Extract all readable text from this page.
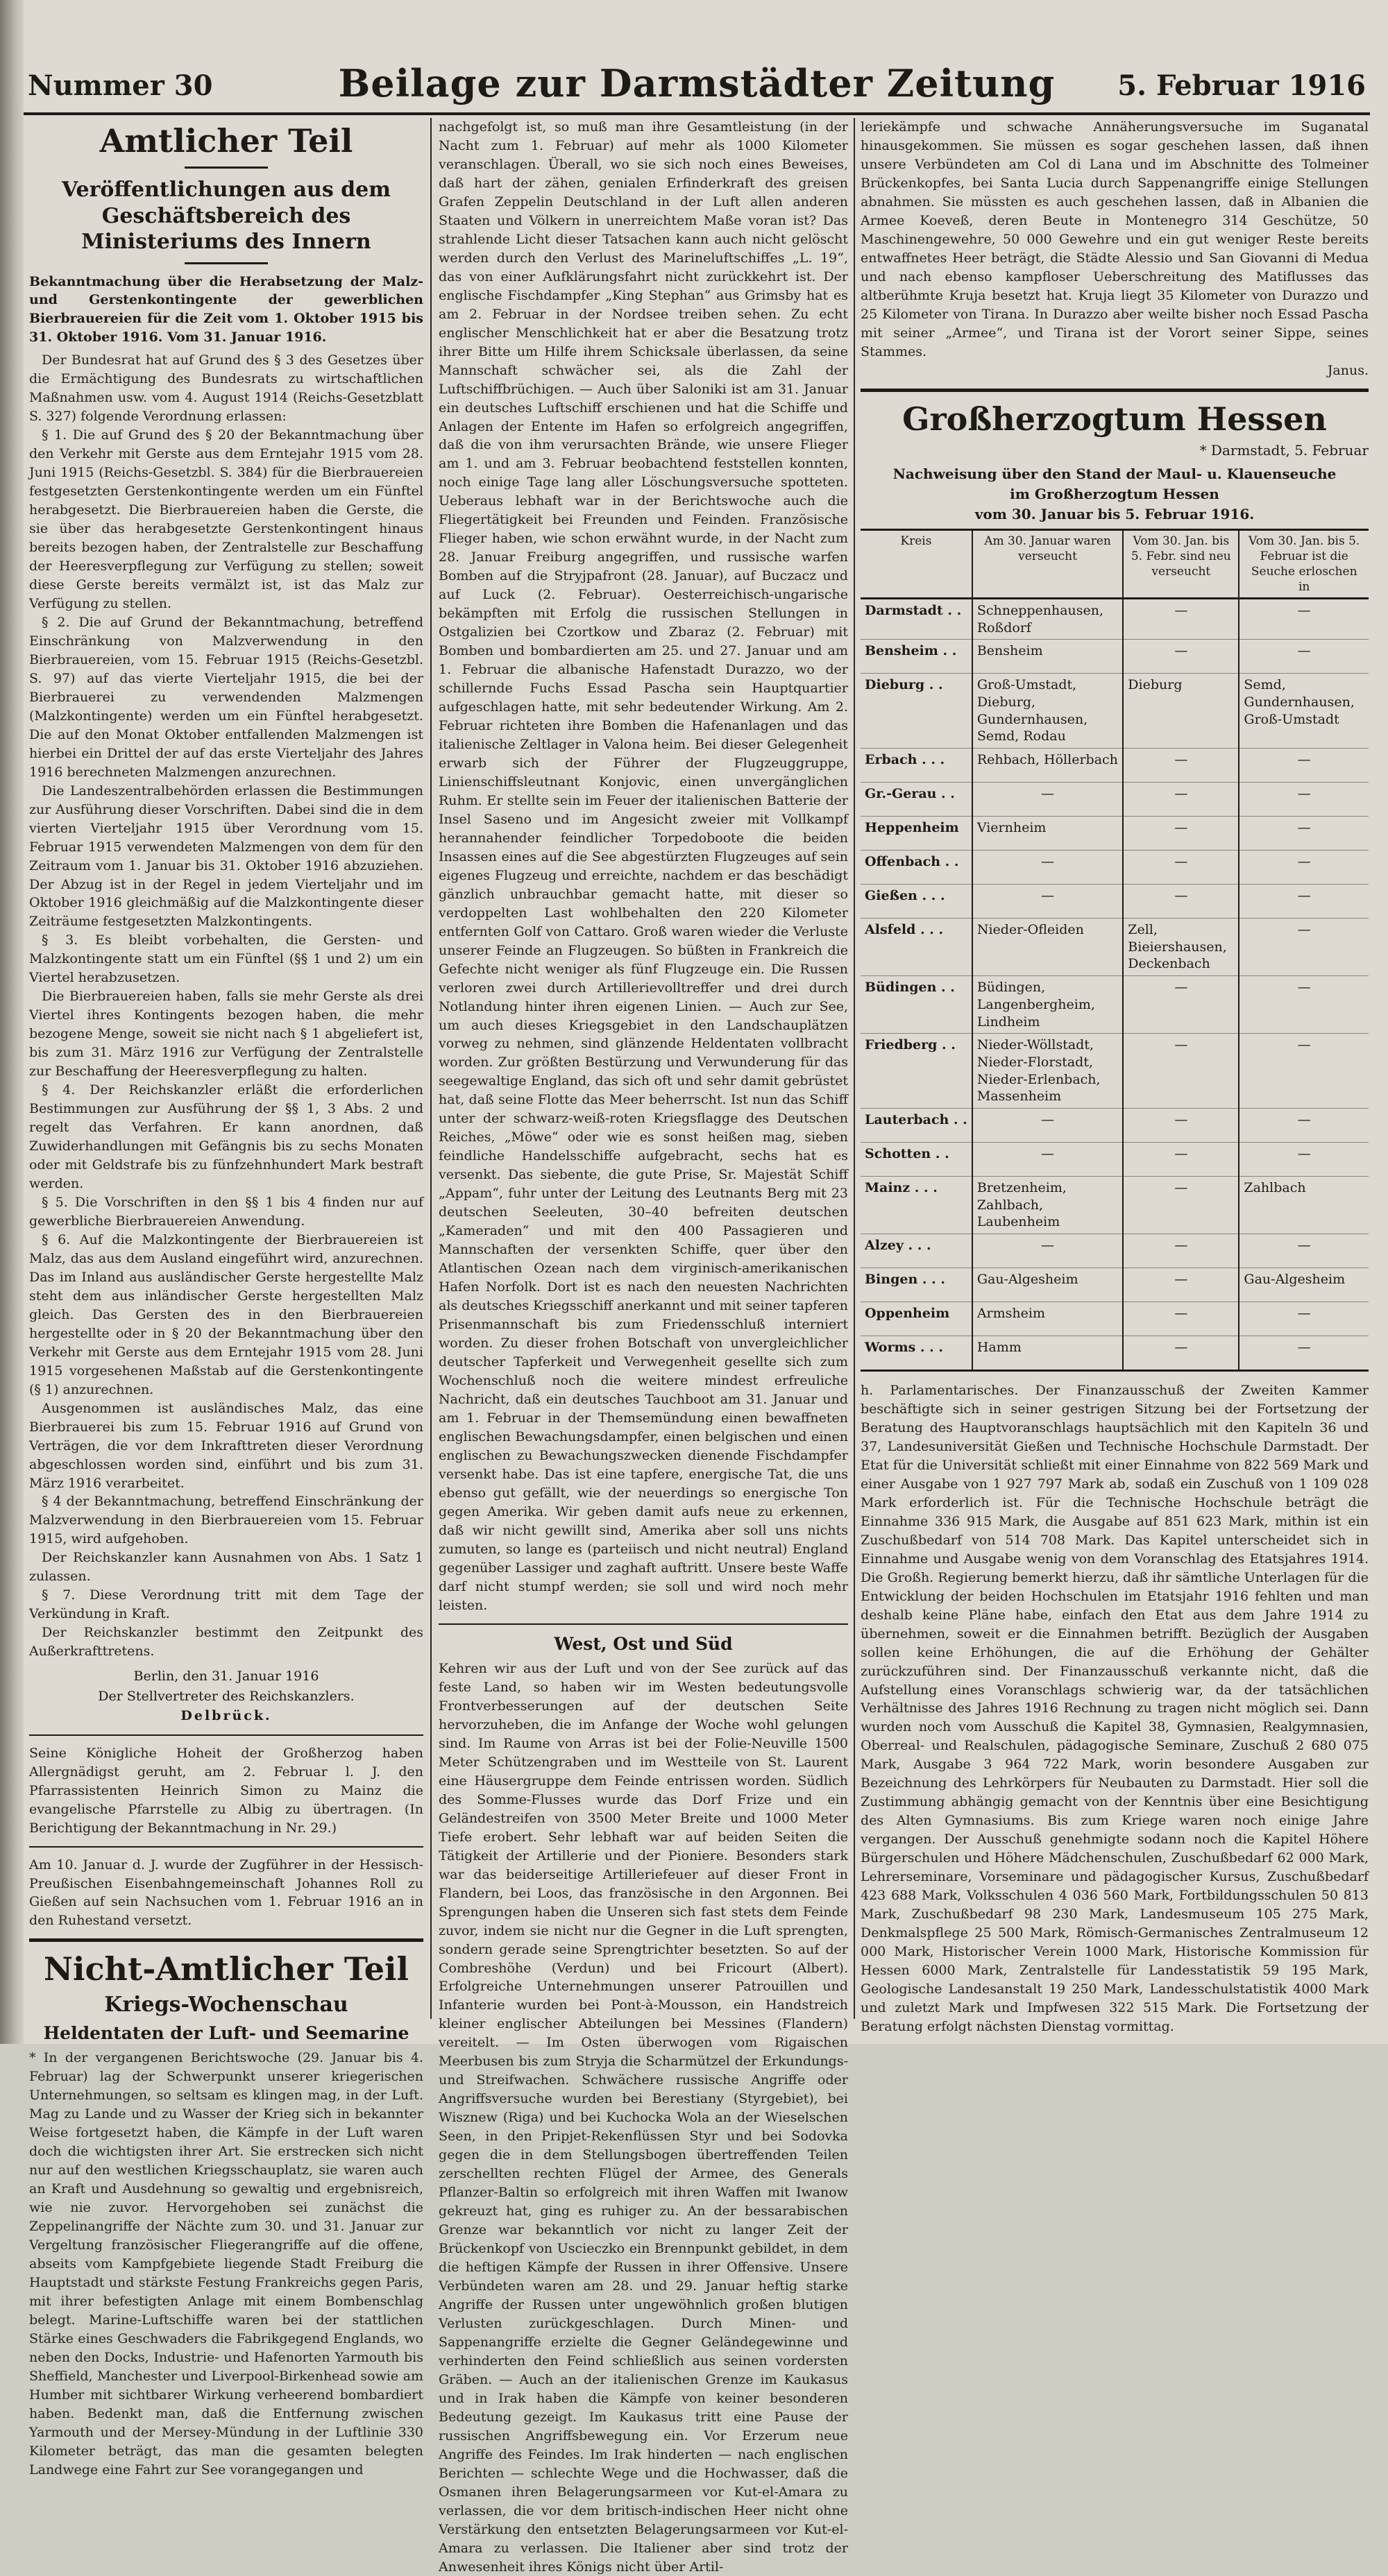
Nummer 30	Beilage zur Darmstädter Zeitung	5. Februar 1916
Amtlicher Teil
Veröffentlichungen aus dem Geschäftsbereich des Ministeriums des Innern

Bekanntmachung über die Herabsetzung der Malz- und Gerstenkontingente der gewerblichen Bierbrauereien für die Zeit vom 1. Oktober 1915 bis 31. Oktober 1916. Vom 31. Januar 1916.

Der Bundesrat hat auf Grund des § 3 des Gesetzes über die Ermächtigung des Bundesrats zu wirtschaftlichen Maßnahmen usw. vom 4. August 1914 (Reichs-Gesetzblatt S. 327) folgende Verordnung erlassen:

§ 1. Die auf Grund des § 20 der Bekanntmachung über den Verkehr mit Gerste aus dem Erntejahr 1915 vom 28. Juni 1915 (Reichs-Gesetzbl. S. 384) für die Bierbrauereien festgesetzten Gerstenkontingente werden um ein Fünftel herabgesetzt. Die Bierbrauereien haben die Gerste, die sie über das herabgesetzte Gerstenkontingent hinaus bereits bezogen haben, der Zentralstelle zur Beschaffung der Heeresverpflegung zur Verfügung zu stellen; soweit diese Gerste bereits vermälzt ist, ist das Malz zur Verfügung zu stellen.

§ 2. Die auf Grund der Bekanntmachung, betreffend Einschränkung von Malzverwendung in den Bierbrauereien, vom 15. Februar 1915 (Reichs-Gesetzbl. S. 97) auf das vierte Vierteljahr 1915, die bei der Bierbrauerei zu verwendenden Malzmengen (Malzkontingente) werden um ein Fünftel herabgesetzt. Die auf den Monat Oktober entfallenden Malzmengen ist hierbei ein Drittel der auf das erste Vierteljahr des Jahres 1916 berechneten Malzmengen anzurechnen.

Die Landeszentralbehörden erlassen die Bestimmungen zur Ausführung dieser Vorschriften. Dabei sind die in dem vierten Vierteljahr 1915 über Verordnung vom 15. Februar 1915 verwendeten Malzmengen von dem für den Zeitraum vom 1. Januar bis 31. Oktober 1916 abzuziehen. Der Abzug ist in der Regel in jedem Vierteljahr und im Oktober 1916 gleichmäßig auf die Malzkontingente dieser Zeiträume festgesetzten Malzkontingents.

§ 3. Es bleibt vorbehalten, die Gersten- und Malzkontingente statt um ein Fünftel (§§ 1 und 2) um ein Viertel herabzusetzen.

Die Bierbrauereien haben, falls sie mehr Gerste als drei Viertel ihres Kontingents bezogen haben, die mehr bezogene Menge, soweit sie nicht nach § 1 abgeliefert ist, bis zum 31. März 1916 zur Verfügung der Zentralstelle zur Beschaffung der Heeresverpflegung zu halten.

§ 4. Der Reichskanzler erläßt die erforderlichen Bestimmungen zur Ausführung der §§ 1, 3 Abs. 2 und regelt das Verfahren. Er kann anordnen, daß Zuwiderhandlungen mit Gefängnis bis zu sechs Monaten oder mit Geldstrafe bis zu fünfzehnhundert Mark bestraft werden.

§ 5. Die Vorschriften in den §§ 1 bis 4 finden nur auf gewerbliche Bierbrauereien Anwendung.

§ 6. Auf die Malzkontingente der Bierbrauereien ist Malz, das aus dem Ausland eingeführt wird, anzurechnen. Das im Inland aus ausländischer Gerste hergestellte Malz steht dem aus inländischer Gerste hergestellten Malz gleich. Das Gersten des in den Bierbrauereien hergestellte oder in § 20 der Bekanntmachung über den Verkehr mit Gerste aus dem Erntejahr 1915 vom 28. Juni 1915 vorgesehenen Maßstab auf die Gerstenkontingente (§ 1) anzurechnen.

Ausgenommen ist ausländisches Malz, das eine Bierbrauerei bis zum 15. Februar 1916 auf Grund von Verträgen, die vor dem Inkrafttreten dieser Verordnung abgeschlossen worden sind, einführt und bis zum 31. März 1916 verarbeitet.

§ 4 der Bekanntmachung, betreffend Einschränkung der Malzverwendung in den Bierbrauereien vom 15. Februar 1915, wird aufgehoben.

Der Reichskanzler kann Ausnahmen von Abs. 1 Satz 1 zulassen.

§ 7. Diese Verordnung tritt mit dem Tage der Verkündung in Kraft.

Der Reichskanzler bestimmt den Zeitpunkt des Außerkrafttretens.

Berlin, den 31. Januar 1916
Der Stellvertreter des Reichskanzlers.
Delbrück.

Seine Königliche Hoheit der Großherzog haben Allergnädigst geruht, am 2. Februar l. J. den Pfarrassistenten Heinrich Simon zu Mainz die evangelische Pfarrstelle zu Albig zu übertragen. (In Berichtigung der Bekanntmachung in Nr. 29.)

Am 10. Januar d. J. wurde der Zugführer in der Hessisch-Preußischen Eisenbahngemeinschaft Johannes Roll zu Gießen auf sein Nachsuchen vom 1. Februar 1916 an in den Ruhestand versetzt.

Nicht-Amtlicher Teil
Kriegs-Wochenschau
Heldentaten der Luft- und Seemarine

* In der vergangenen Berichtswoche (29. Januar bis 4. Februar) lag der Schwerpunkt unserer kriegerischen Unternehmungen, so seltsam es klingen mag, in der Luft. Mag zu Lande und zu Wasser der Krieg sich in bekannter Weise fortgesetzt haben, die Kämpfe in der Luft waren doch die wichtigsten ihrer Art. Sie erstrecken sich nicht nur auf den westlichen Kriegsschauplatz, sie waren auch an Kraft und Ausdehnung so gewaltig und ergebnisreich, wie nie zuvor. Hervorgehoben sei zunächst die Zeppelinangriffe der Nächte zum 30. und 31. Januar zur Vergeltung französischer Fliegerangriffe auf die offene, abseits vom Kampfgebiete liegende Stadt Freiburg die Hauptstadt und stärkste Festung Frankreichs gegen Paris, mit ihrer befestigten Anlage mit einem Bombenschlag belegt. Marine-Luftschiffe waren bei der stattlichen Stärke eines Geschwaders die Fabrikgegend Englands, wo neben den Docks, Industrie- und Hafenorten Yarmouth bis Sheffield, Manchester und Liverpool-Birkenhead sowie am Humber mit sichtbarer Wirkung verheerend bombardiert haben. Bedenkt man, daß die Entfernung zwischen Yarmouth und der Mersey-Mündung in der Luftlinie 330 Kilometer beträgt, das man die gesamten belegten Landwege eine Fahrt zur See vorangegangen und

nachgefolgt ist, so muß man ihre Gesamtleistung (in der Nacht zum 1. Februar) auf mehr als 1000 Kilometer veranschlagen. Überall, wo sie sich noch eines Beweises, daß hart der zähen, genialen Erfinderkraft des greisen Grafen Zeppelin Deutschland in der Luft allen anderen Staaten und Völkern in unerreichtem Maße voran ist? Das strahlende Licht dieser Tatsachen kann auch nicht gelöscht werden durch den Verlust des Marineluftschiffes „L. 19“, das von einer Aufklärungsfahrt nicht zurückkehrt ist. Der englische Fischdampfer „King Stephan“ aus Grimsby hat es am 2. Februar in der Nordsee treiben sehen. Zu echt englischer Menschlichkeit hat er aber die Besatzung trotz ihrer Bitte um Hilfe ihrem Schicksale überlassen, da seine Mannschaft schwächer sei, als die Zahl der Luftschiffbrüchigen. — Auch über Saloniki ist am 31. Januar ein deutsches Luftschiff erschienen und hat die Schiffe und Anlagen der Entente im Hafen so erfolgreich angegriffen, daß die von ihm verursachten Brände, wie unsere Flieger am 1. und am 3. Februar beobachtend feststellen konnten, noch einige Tage lang aller Löschungsversuche spotteten. Ueberaus lebhaft war in der Berichtswoche auch die Fliegertätigkeit bei Freunden und Feinden. Französische Flieger haben, wie schon erwähnt wurde, in der Nacht zum 28. Januar Freiburg angegriffen, und russische warfen Bomben auf die Stryjpafront (28. Januar), auf Buczacz und auf Luck (2. Februar). Oesterreichisch-ungarische bekämpften mit Erfolg die russischen Stellungen in Ostgalizien bei Czortkow und Zbaraz (2. Februar) mit Bomben und bombardierten am 25. und 27. Januar und am 1. Februar die albanische Hafenstadt Durazzo, wo der schillernde Fuchs Essad Pascha sein Hauptquartier aufgeschlagen hatte, mit sehr bedeutender Wirkung. Am 2. Februar richteten ihre Bomben die Hafenanlagen und das italienische Zeltlager in Valona heim. Bei dieser Gelegenheit erwarb sich der Führer der Flugzeuggruppe, Linienschiffsleutnant Konjovic, einen unvergänglichen Ruhm. Er stellte sein im Feuer der italienischen Batterie der Insel Saseno und im Angesicht zweier mit Vollkampf herannahender feindlicher Torpedoboote die beiden Insassen eines auf die See abgestürzten Flugzeuges auf sein eigenes Flugzeug und erreichte, nachdem er das beschädigt gänzlich unbrauchbar gemacht hatte, mit dieser so verdoppelten Last wohlbehalten den 220 Kilometer entfernten Golf von Cattaro. Groß waren wieder die Verluste unserer Feinde an Flugzeugen. So büßten in Frankreich die Gefechte nicht weniger als fünf Flugzeuge ein. Die Russen verloren zwei durch Artillerievolltreffer und drei durch Notlandung hinter ihren eigenen Linien. — Auch zur See, um auch dieses Kriegsgebiet in den Landschauplätzen vorweg zu nehmen, sind glänzende Heldentaten vollbracht worden. Zur größten Bestürzung und Verwunderung für das seegewaltige England, das sich oft und sehr damit gebrüstet hat, daß seine Flotte das Meer beherrscht. Ist nun das Schiff unter der schwarz-weiß-roten Kriegsflagge des Deutschen Reiches, „Möwe“ oder wie es sonst heißen mag, sieben feindliche Handelsschiffe aufgebracht, sechs hat es versenkt. Das siebente, die gute Prise, Sr. Majestät Schiff „Appam“, fuhr unter der Leitung des Leutnants Berg mit 23 deutschen Seeleuten, 30–40 befreiten deutschen „Kameraden“ und mit den 400 Passagieren und Mannschaften der versenkten Schiffe, quer über den Atlantischen Ozean nach dem virginisch-amerikanischen Hafen Norfolk. Dort ist es nach den neuesten Nachrichten als deutsches Kriegsschiff anerkannt und mit seiner tapferen Prisenmannschaft bis zum Friedensschluß interniert worden. Zu dieser frohen Botschaft von unvergleichlicher deutscher Tapferkeit und Verwegenheit gesellte sich zum Wochenschluß noch die weitere mindest erfreuliche Nachricht, daß ein deutsches Tauchboot am 31. Januar und am 1. Februar in der Themsemündung einen bewaffneten englischen Bewachungsdampfer, einen belgischen und einen englischen zu Bewachungszwecken dienende Fischdampfer versenkt habe. Das ist eine tapfere, energische Tat, die uns ebenso gut gefällt, wie der neuerdings so energische Ton gegen Amerika. Wir geben damit aufs neue zu erkennen, daß wir nicht gewillt sind, Amerika aber soll uns nichts zumuten, so lange es (parteiisch und nicht neutral) England gegenüber Lassiger und zaghaft auftritt. Unsere beste Waffe darf nicht stumpf werden; sie soll und wird noch mehr leisten.

West, Ost und Süd

Kehren wir aus der Luft und von der See zurück auf das feste Land, so haben wir im Westen bedeutungsvolle Frontverbesserungen auf der deutschen Seite hervorzuheben, die im Anfange der Woche wohl gelungen sind. Im Raume von Arras ist bei der Folie-Neuville 1500 Meter Schützengraben und im Westteile von St. Laurent eine Häusergruppe dem Feinde entrissen worden. Südlich des Somme-Flusses wurde das Dorf Frize und ein Geländestreifen von 3500 Meter Breite und 1000 Meter Tiefe erobert. Sehr lebhaft war auf beiden Seiten die Tätigkeit der Artillerie und der Pioniere. Besonders stark war das beiderseitige Artilleriefeuer auf dieser Front in Flandern, bei Loos, das französische in den Argonnen. Bei Sprengungen haben die Unseren sich fast stets dem Feinde zuvor, indem sie nicht nur die Gegner in die Luft sprengten, sondern gerade seine Sprengtrichter besetzten. So auf der Combreshöhe (Verdun) und bei Fricourt (Albert). Erfolgreiche Unternehmungen unserer Patrouillen und Infanterie wurden bei Pont-à-Mousson, ein Handstreich kleiner englischer Abteilungen bei Messines (Flandern) vereitelt. — Im Osten überwogen vom Rigaischen Meerbusen bis zum Stryja die Scharmützel der Erkundungs- und Streifwachen. Schwächere russische Angriffe oder Angriffsversuche wurden bei Berestiany (Styrgebiet), bei Wisznew (Riga) und bei Kuchocka Wola an der Wieselschen Seen, in den Pripjet-Rekenflüssen Styr und bei Sodovka gegen die in dem Stellungsbogen übertreffenden Teilen zerschellten rechten Flügel der Armee, des Generals Pflanzer-Baltin so erfolgreich mit ihren Waffen mit Iwanow gekreuzt hat, ging es ruhiger zu. An der bessarabischen Grenze war bekanntlich vor nicht zu langer Zeit der Brückenkopf von Uscieczko ein Brennpunkt gebildet, in dem die heftigen Kämpfe der Russen in ihrer Offensive. Unsere Verbündeten waren am 28. und 29. Januar heftig starke Angriffe der Russen unter ungewöhnlich großen blutigen Verlusten zurückgeschlagen. Durch Minen- und Sappenangriffe erzielte die Gegner Geländegewinne und verhinderten den Feind schließlich aus seinen vordersten Gräben. — Auch an der italienischen Grenze im Kaukasus und in Irak haben die Kämpfe von keiner besonderen Bedeutung gezeigt. Im Kaukasus tritt eine Pause der russischen Angriffsbewegung ein. Vor Erzerum neue Angriffe des Feindes. Im Irak hinderten — nach englischen Berichten — schlechte Wege und die Hochwasser, daß die Osmanen ihren Belagerungsarmeen vor Kut-el-Amara zu verlassen, die vor dem britisch-indischen Heer nicht ohne Verstärkung den entsetzten Belagerungsarmeen vor Kut-el-Amara zu verlassen. Die Italiener aber sind trotz der Anwesenheit ihres Königs nicht über Artil-

leriekämpfe und schwache Annäherungsversuche im Suganatal hinausgekommen. Sie müssen es sogar geschehen lassen, daß ihnen unsere Verbündeten am Col di Lana und im Abschnitte des Tolmeiner Brückenkopfes, bei Santa Lucia durch Sappenangriffe einige Stellungen abnahmen. Sie müssten es auch geschehen lassen, daß in Albanien die Armee Koeveß, deren Beute in Montenegro 314 Geschütze, 50 Maschinengewehre, 50 000 Gewehre und ein gut weniger Reste bereits entwaffnetes Heer beträgt, die Städte Alessio und San Giovanni di Medua und nach ebenso kampfloser Ueberschreitung des Matiflusses das altberühmte Kruja besetzt hat. Kruja liegt 35 Kilometer von Durazzo und 25 Kilometer von Tirana. In Durazzo aber weilte bisher noch Essad Pascha mit seiner „Armee“, und Tirana ist der Vorort seiner Sippe, seines Stammes.

Janus.
Großherzogtum Hessen
* Darmstadt, 5. Februar
Nachweisung über den Stand der Maul- u. Klauenseuche
im Großherzogtum Hessen
vom 30. Januar bis 5. Februar 1916.
Kreis	Am 30. Januar waren verseucht	Vom 30. Jan. bis 5. Febr. sind neu verseucht	Vom 30. Jan. bis 5. Februar ist die Seuche erloschen in
Darmstadt . .	Schneppenhausen, Roßdorf	—	—
Bensheim . .	Bensheim	—	—
Dieburg . .	Groß-Umstadt, Dieburg, Gundernhausen, Semd, Rodau	Dieburg	Semd, Gundernhausen, Groß-Umstadt
Erbach . . .	Rehbach, Höllerbach	—	—
Gr.-Gerau . .	—	—	—
Heppenheim	Viernheim	—	—
Offenbach . .	—	—	—
Gießen . . .	—	—	—
Alsfeld . . .	Nieder-Ofleiden	Zell, Bieiershausen, Deckenbach	—
Büdingen . .	Büdingen, Langenbergheim, Lindheim	—	—
Friedberg . .	Nieder-Wöllstadt, Nieder-Florstadt, Nieder-Erlenbach, Massenheim	—	—
Lauterbach . .	—	—	—
Schotten . .	—	—	—
Mainz . . .	Bretzenheim, Zahlbach, Laubenheim	—	Zahlbach
Alzey . . .	—	—	—
Bingen . . .	Gau-Algesheim	—	Gau-Algesheim
Oppenheim	Armsheim	—	—
Worms . . .	Hamm	—	—

h. Parlamentarisches. Der Finanzausschuß der Zweiten Kammer beschäftigte sich in seiner gestrigen Sitzung bei der Fortsetzung der Beratung des Hauptvoranschlags hauptsächlich mit den Kapiteln 36 und 37, Landesuniversität Gießen und Technische Hochschule Darmstadt. Der Etat für die Universität schließt mit einer Einnahme von 822 569 Mark und einer Ausgabe von 1 927 797 Mark ab, sodaß ein Zuschuß von 1 109 028 Mark erforderlich ist. Für die Technische Hochschule beträgt die Einnahme 336 915 Mark, die Ausgabe auf 851 623 Mark, mithin ist ein Zuschußbedarf von 514 708 Mark. Das Kapitel unterscheidet sich in Einnahme und Ausgabe wenig von dem Voranschlag des Etatsjahres 1914. Die Großh. Regierung bemerkt hierzu, daß ihr sämtliche Unterlagen für die Entwicklung der beiden Hochschulen im Etatsjahr 1916 fehlten und man deshalb keine Pläne habe, einfach den Etat aus dem Jahre 1914 zu übernehmen, soweit er die Einnahmen betrifft. Bezüglich der Ausgaben sollen keine Erhöhungen, die auf die Erhöhung der Gehälter zurückzuführen sind. Der Finanzausschuß verkannte nicht, daß die Aufstellung eines Voranschlags schwierig war, da der tatsächlichen Verhältnisse des Jahres 1916 Rechnung zu tragen nicht möglich sei. Dann wurden noch vom Ausschuß die Kapitel 38, Gymnasien, Realgymnasien, Oberreal- und Realschulen, pädagogische Seminare, Zuschuß 2 680 075 Mark, Ausgabe 3 964 722 Mark, worin besondere Ausgaben zur Bezeichnung des Lehrkörpers für Neubauten zu Darmstadt. Hier soll die Zustimmung abhängig gemacht von der Kenntnis über eine Besichtigung des Alten Gymnasiums. Bis zum Kriege waren noch einige Jahre vergangen. Der Ausschuß genehmigte sodann noch die Kapitel Höhere Bürgerschulen und Höhere Mädchenschulen, Zuschußbedarf 62 000 Mark, Lehrerseminare, Vorseminare und pädagogischer Kursus, Zuschußbedarf 423 688 Mark, Volksschulen 4 036 560 Mark, Fortbildungsschulen 50 813 Mark, Zuschußbedarf 98 230 Mark, Landesmuseum 105 275 Mark, Denkmalspflege 25 500 Mark, Römisch-Germanisches Zentralmuseum 12 000 Mark, Historischer Verein 1000 Mark, Historische Kommission für Hessen 6000 Mark, Zentralstelle für Landesstatistik 59 195 Mark, Geologische Landesanstalt 19 250 Mark, Landesschulstatistik 4000 Mark und zuletzt Mark und Impfwesen 322 515 Mark. Die Fortsetzung der Beratung erfolgt nächsten Dienstag vormittag.
